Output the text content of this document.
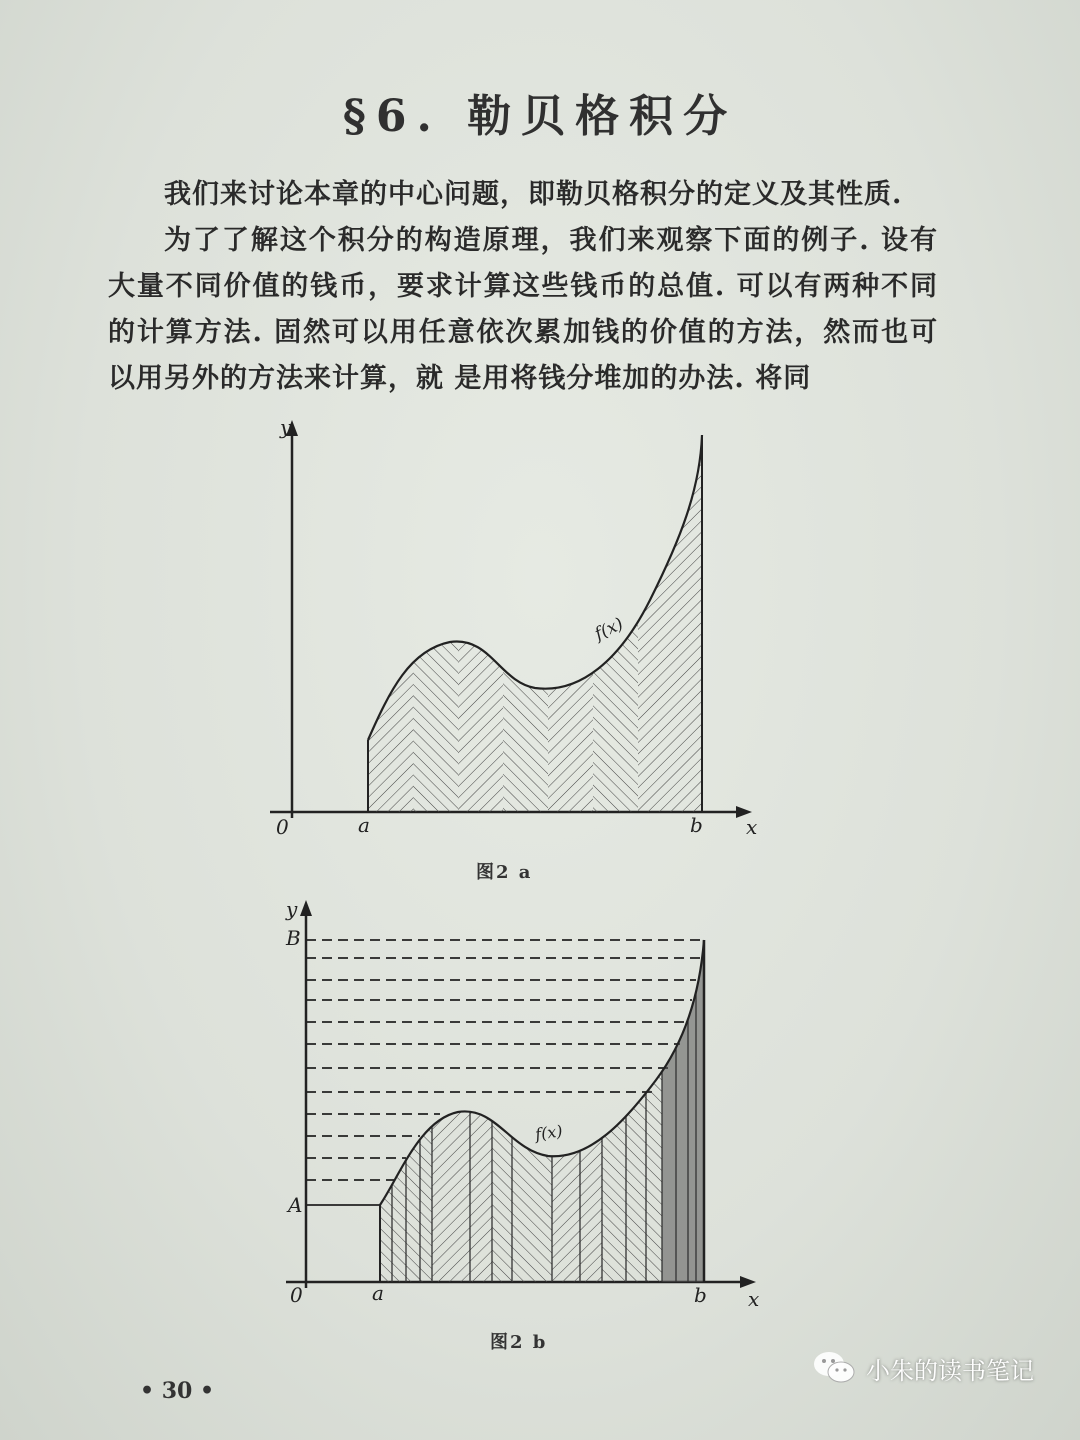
§6. 勒贝格积分
我们来讨论本章的中心问题，即勒贝格积分的定义及其性质.
为了了解这个积分的构造原理，我们来观察下面的例子. 设有大量不同价值的钱币，要求计算这些钱币的总值. 可以有两种不同的计算方法. 固然可以用任意依次累加钱的价值的方法，然而也可以用另外的方法来计算，就 是用将钱分堆加的办法. 将同
y
x
0	a	b
f(x)
y
x
0	a	b
A
B
f(x)
图2 a
图2 b
• 30 •
小朱的读书笔记
